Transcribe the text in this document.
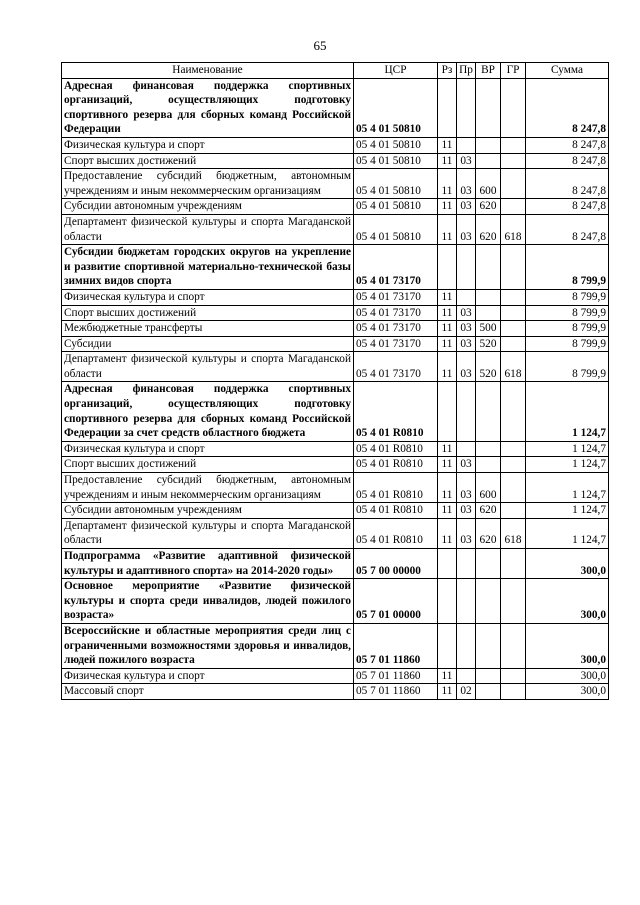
65
Наименование	ЦСР	Рз	Пр	ВР	ГР	Сумма
Адресная финансовая поддержка спортивных организаций, осуществляющих подготовку спортивного резерва для сборных команд Российской Федерации	05 4 01 50810					8 247,8
Физическая культура и спорт	05 4 01 50810	11				8 247,8
Спорт высших достижений	05 4 01 50810	11	03			8 247,8
Предоставление субсидий бюджетным, автономным учреждениям и иным некоммерческим организациям	05 4 01 50810	11	03	600		8 247,8
Субсидии автономным учреждениям	05 4 01 50810	11	03	620		8 247,8
Департамент физической культуры и спорта Магаданской области	05 4 01 50810	11	03	620	618	8 247,8
Субсидии бюджетам городских округов на укрепление и развитие спортивной материально-технической базы зимних видов спорта	05 4 01 73170					8 799,9
Физическая культура и спорт	05 4 01 73170	11				8 799,9
Спорт высших достижений	05 4 01 73170	11	03			8 799,9
Межбюджетные трансферты	05 4 01 73170	11	03	500		8 799,9
Субсидии	05 4 01 73170	11	03	520		8 799,9
Департамент физической культуры и спорта Магаданской области	05 4 01 73170	11	03	520	618	8 799,9
Адресная финансовая поддержка спортивных организаций, осуществляющих подготовку спортивного резерва для сборных команд Российской Федерации за счет средств областного бюджета	05 4 01 R0810					1 124,7
Физическая культура и спорт	05 4 01 R0810	11				1 124,7
Спорт высших достижений	05 4 01 R0810	11	03			1 124,7
Предоставление субсидий бюджетным, автономным учреждениям и иным некоммерческим организациям	05 4 01 R0810	11	03	600		1 124,7
Субсидии автономным учреждениям	05 4 01 R0810	11	03	620		1 124,7
Департамент физической культуры и спорта Магаданской области	05 4 01 R0810	11	03	620	618	1 124,7
Подпрограмма «Развитие адаптивной физической культуры и адаптивного спорта» на 2014-2020 годы»	05 7 00 00000					300,0
Основное мероприятие «Развитие физической культуры и спорта среди инвалидов, людей пожилого возраста»	05 7 01 00000					300,0
Всероссийские и областные мероприятия среди лиц с ограниченными возможностями здоровья и инвалидов, людей пожилого возраста	05 7 01 11860					300,0
Физическая культура и спорт	05 7 01 11860	11				300,0
Массовый спорт	05 7 01 11860	11	02			300,0
